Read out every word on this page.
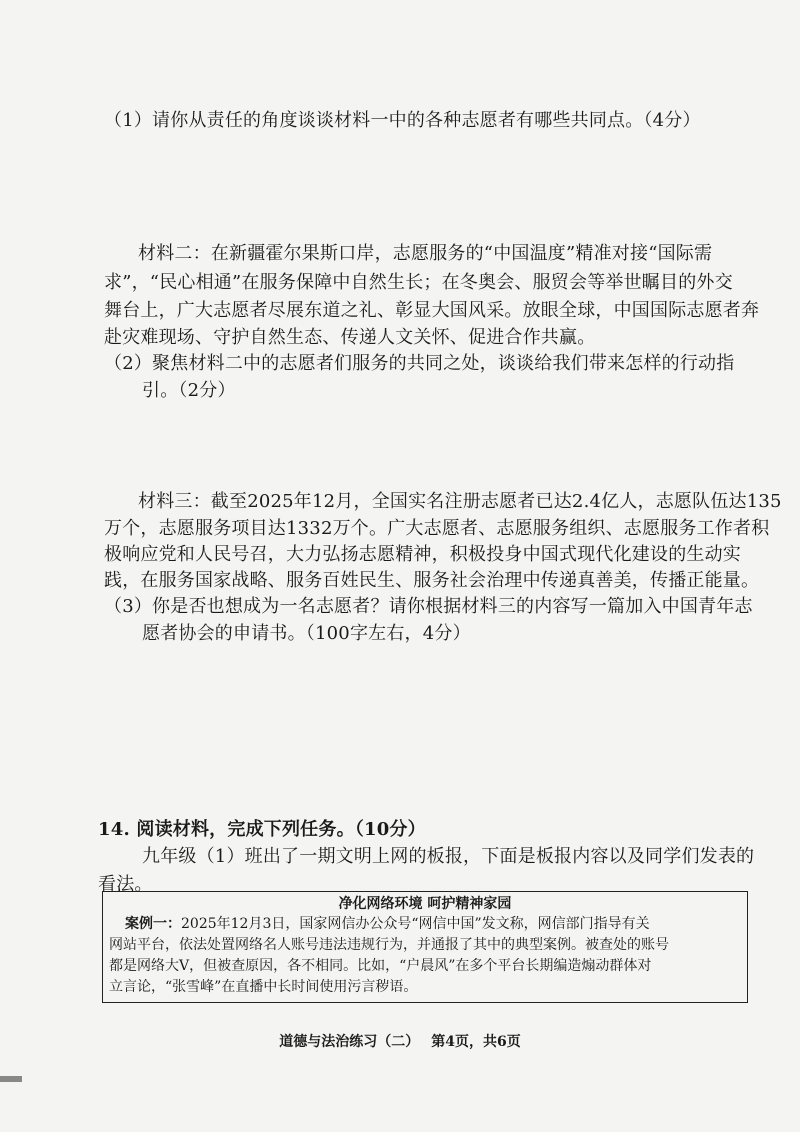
（1）请你从责任的角度谈谈材料一中的各种志愿者有哪些共同点。（4分）
材料二：在新疆霍尔果斯口岸，志愿服务的“中国温度”精准对接“国际需
求”，“民心相通”在服务保障中自然生长；在冬奥会、服贸会等举世瞩目的外交
舞台上，广大志愿者尽展东道之礼、彰显大国风采。放眼全球，中国国际志愿者奔
赴灾难现场、守护自然生态、传递人文关怀、促进合作共赢。
（2）聚焦材料二中的志愿者们服务的共同之处，谈谈给我们带来怎样的行动指
引。（2分）
材料三：截至2025年12月，全国实名注册志愿者已达2.4亿人，志愿队伍达135
万个，志愿服务项目达1332万个。广大志愿者、志愿服务组织、志愿服务工作者积
极响应党和人民号召，大力弘扬志愿精神，积极投身中国式现代化建设的生动实
践，在服务国家战略、服务百姓民生、服务社会治理中传递真善美，传播正能量。
（3）你是否也想成为一名志愿者？请你根据材料三的内容写一篇加入中国青年志
愿者协会的申请书。（100字左右，4分）
14. 阅读材料，完成下列任务。（10分）
九年级（1）班出了一期文明上网的板报，下面是板报内容以及同学们发表的
看法。
净化网络环境 呵护精神家园
案例一：2025年12月3日，国家网信办公众号“网信中国”发文称，网信部门指导有关
网站平台，依法处置网络名人账号违法违规行为，并通报了其中的典型案例。被查处的账号
都是网络大V，但被查原因，各不相同。比如，“户晨风”在多个平台长期编造煽动群体对
立言论，“张雪峰”在直播中长时间使用污言秽语。
道德与法治练习（二） 第4页，共6页
